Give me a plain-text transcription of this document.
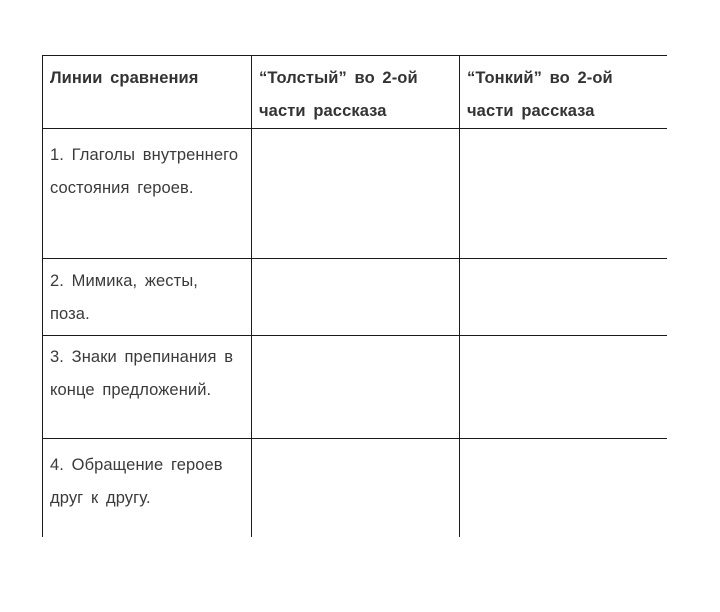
Линии сравнения	“Толстый” во 2-ой части рассказа	“Тонкий” во 2-ой части рассказа
1. Глаголы внутреннего состояния героев.		
2. Мимика, жесты, поза.		
3. Знаки препинания в конце предложений.		
4. Обращение героев друг к другу.		
